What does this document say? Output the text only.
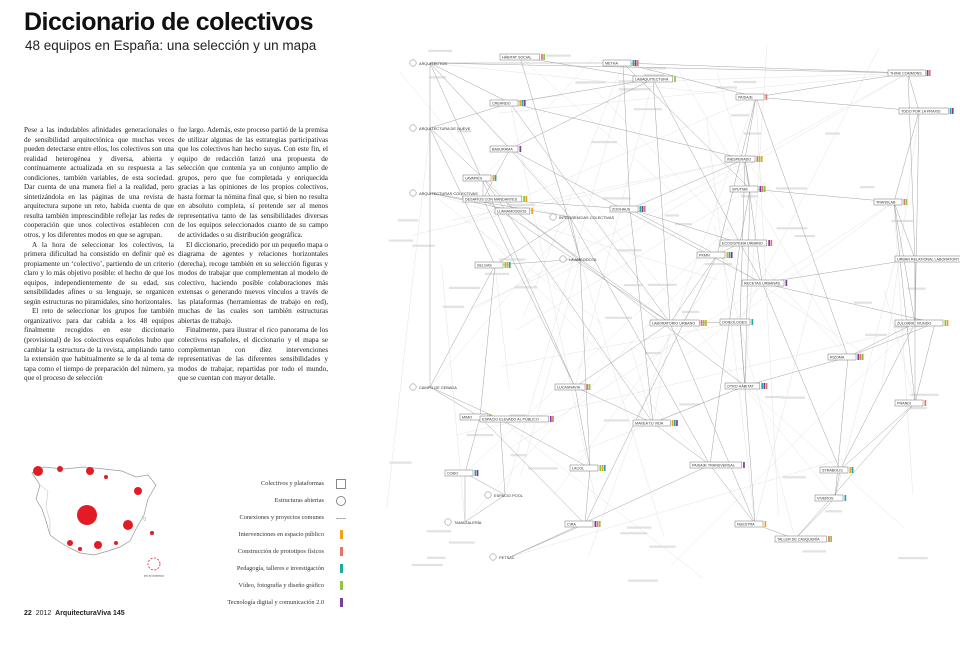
Diccionario de colectivos
48 equipos en España: una selección y un mapa

Pese a las indudables afinidades generacionales o de sensibilidad arquitectónica que muchas veces pueden detectarse entre ellos, los colectivos son una realidad heterogénea y diversa, abierta y continuamente actualizada en su respuesta a las condiciones, también variables, de esta sociedad. Dar cuenta de una manera fiel a la realidad, pero sintetizándola en las páginas de una revista de arquitectura supone un reto, habida cuenta de que resulta también imprescindible reflejar las redes de cooperación que unos colectivos establecen con otros, y los diferentes modos en que se agrupan.

A la hora de seleccionar los colectivos, la primera dificultad ha consistido en definir qué es propiamente un ‘colectivo’, partiendo de un criterio claro y lo más objetivo posible: el hecho de que los equipos, independientemente de su edad, sus sensibilidades afines o su lenguaje, se organicen según estructuras no piramidales, sino horizontales.

El reto de seleccionar los grupos fue también organizativo: para dar cabida a los 48 equipos finalmente recogidos en este diccionario (provisional) de los colectivos españoles hubo que cambiar la estructura de la revista, ampliando tanto la extensión que habitualmente se le da al tema de tapa como el tiempo de preparación del número, ya que el proceso de selección

fue largo. Además, este proceso partió de la premisa de utilizar algunas de las estrategias participativas que los colectivos han hecho suyas. Con este fin, el equipo de redacción lanzó una propuesta de selección que contenía ya un conjunto amplio de grupos, pero que fue completada y enriquecida gracias a las opiniones de los propios colectivos, hasta formar la nómina final que, si bien no resulta en absoluto completa, sí pretende ser al menos representativa tanto de las sensibilidades diversas de los equipos seleccionados cuanto de su campo de actividades o su distribución geográfica.

El diccionario, precedido por un pequeño mapa o diagrama de agentes y relaciones horizontales (derecha), recoge también en su selección figuras y modos de trabajar que complementan al modelo de colectivo, haciendo posible colaboraciones más extensas o generando nuevos vínculos a través de las plataformas (herramientas de trabajo en red), muchas de las cuales son también estructuras abiertas de trabajo.

Finalmente, para ilustrar el rico panorama de los colectivos españoles, el diccionario y el mapa se complementan con diez intervenciones representativas de las diferentes sensibilidades y modos de trabajar, repartidas por todo el mundo, que se cuentan con mayor detalle.

en el exterior
Colectivos y plataformas
Estructuras abiertas
Conexiones y proyectos comunes
Intervenciones en espacio público
Construcción de prototipos físicos
Pedagogía, talleres e investigación
Vídeo, fotografía y diseño gráfico
Tecnología digital y comunicación 2.0
22 2012 ArquitecturaViva 145
ARQUITECTOS
HÁBITAT SOCIAL
METHA
LABAQUITECTURA
THINK COMMONS
CREANDO
PAISAJE
TODO POR LA PRAXIS
ARQUITECTURA DE NUEVE
BASURAMA
LAVAPIÉS
INESPERADO
ARQUITECTURAS COLECTIVAS
DESAFÍOS CON MANDANTES
SPUTNIK
LLAMAMOSDIOS
TRANSLAB
ZOOHAUS
INTELIGENCIAS COLECTIVAS
ECOSISTEMA URBANO
PKMN
URBAN RELATIONAL LABORATORY
LA AMEGDOTA
SELGAS
RECETAS URBANAS
ZULOARK
LABORATORIO URBANO	OOIEOLOGES	N'UNDO
RIZOMA
CAMPO DE CEBADA	LUCASNAVIA	OTRO HÁBITAT
MIMO	ESPACIO ELEVADO AL PÚBLICO
MAKEA TU VIDA
PRANDI
COBO
LACOL
PAISAJE TRANSVERSAL
STRABOLIS
ESPACIO POOL
VIVEROS
TAMAGALERÍA	CIRA	NUESTRA
TALLER DE CASQUERÍA
PETSAC
